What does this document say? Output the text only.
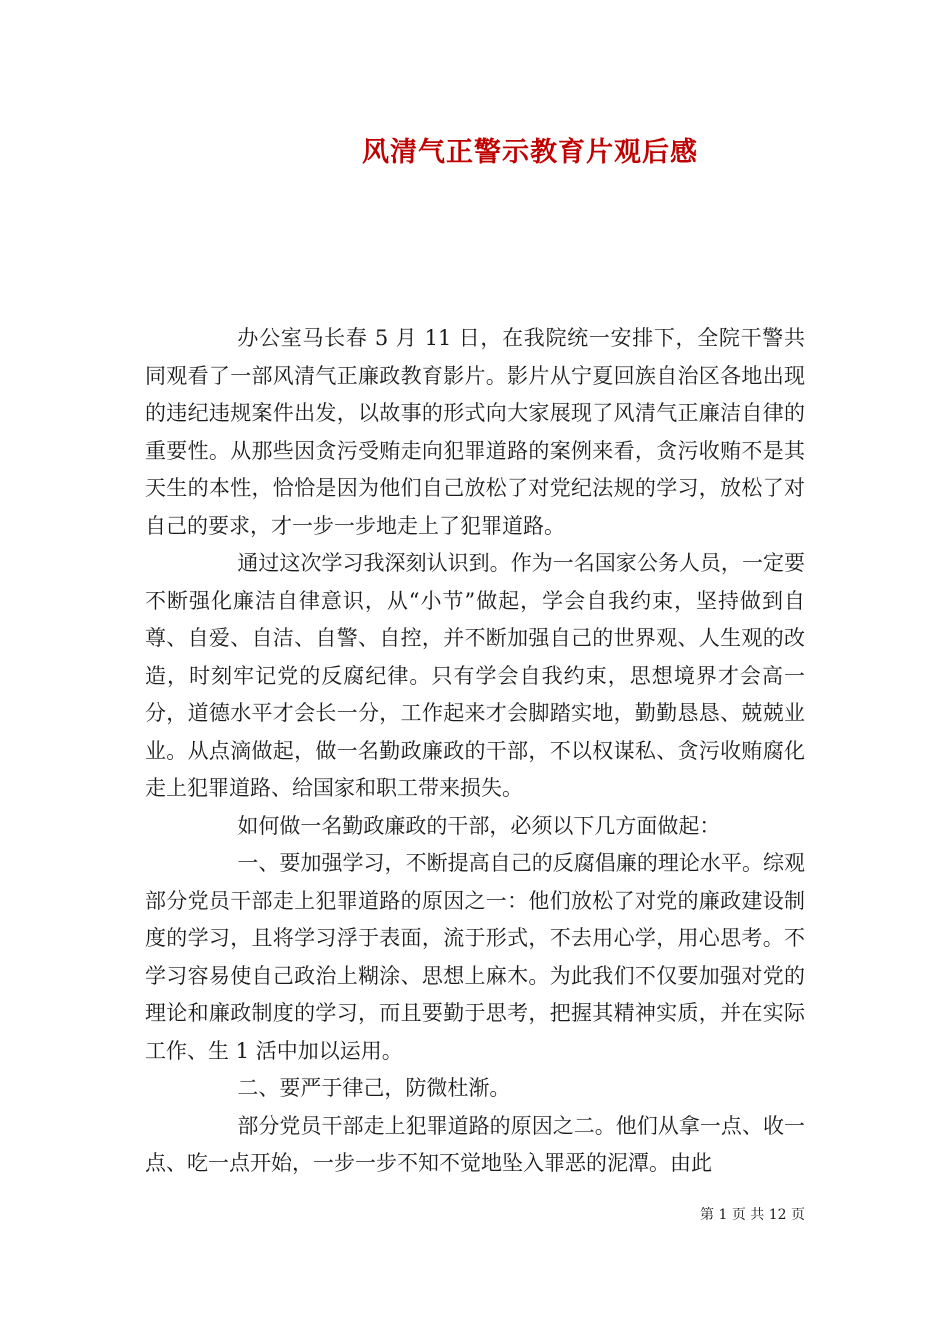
风清气正警示教育片观后感

办公室马长春 5 月 11 日，在我院统一安排下，全院干警共同观看了一部风清气正廉政教育影片。影片从宁夏回族自治区各地出现的违纪违规案件出发，以故事的形式向大家展现了风清气正廉洁自律的重要性。从那些因贪污受贿走向犯罪道路的案例来看，贪污收贿不是其天生的本性，恰恰是因为他们自己放松了对党纪法规的学习，放松了对自己的要求，才一步一步地走上了犯罪道路。

通过这次学习我深刻认识到。作为一名国家公务人员，一定要不断强化廉洁自律意识，从“小节”做起，学会自我约束，坚持做到自尊、自爱、自洁、自警、自控，并不断加强自己的世界观、人生观的改造，时刻牢记党的反腐纪律。只有学会自我约束，思想境界才会高一分，道德水平才会长一分，工作起来才会脚踏实地，勤勤恳恳、兢兢业业。从点滴做起，做一名勤政廉政的干部，不以权谋私、贪污收贿腐化走上犯罪道路、给国家和职工带来损失。

如何做一名勤政廉政的干部，必须以下几方面做起：

一、要加强学习，不断提高自己的反腐倡廉的理论水平。综观部分党员干部走上犯罪道路的原因之一：他们放松了对党的廉政建设制度的学习，且将学习浮于表面，流于形式，不去用心学，用心思考。不学习容易使自己政治上糊涂、思想上麻木。为此我们不仅要加强对党的理论和廉政制度的学习，而且要勤于思考，把握其精神实质，并在实际工作、生 1 活中加以运用。

二、要严于律己，防微杜渐。

部分党员干部走上犯罪道路的原因之二。他们从拿一点、收一点、吃一点开始，一步一步不知不觉地坠入罪恶的泥潭。由此

第 1 页 共 12 页
